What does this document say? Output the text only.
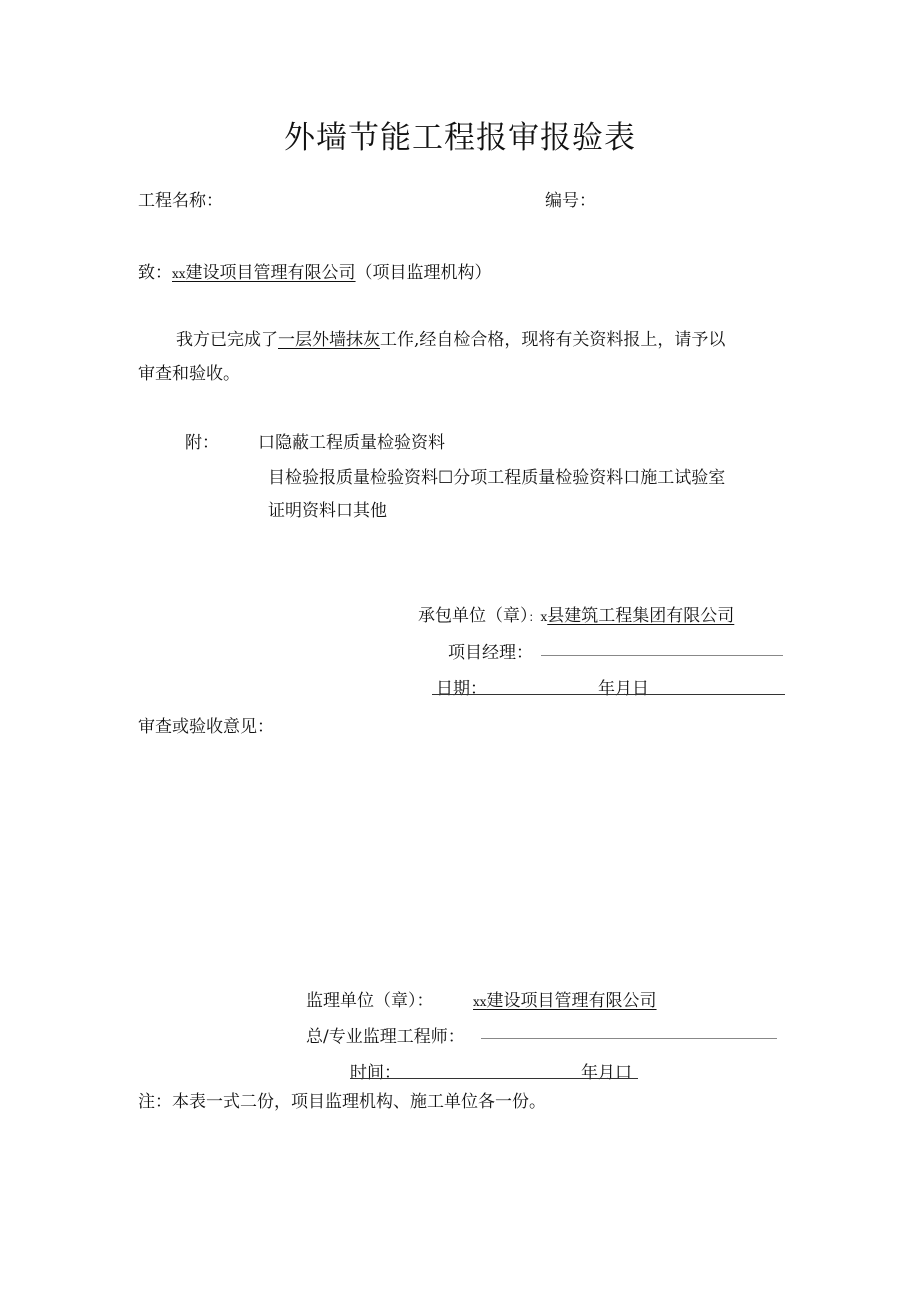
外墙节能工程报审报验表
工程名称：	编号：
致：xx建设项目管理有限公司（项目监理机构）
我方已完成了一层外墙抹灰工作,经自检合格，现将有关资料报上，请予以
审查和验收。
附： 口隐蔽工程质量检验资料
目检验报质量检验资料☐分项工程质量检验资料口施工试验室
证明资料口其他
承包单位（章）：x县建筑工程集团有限公司
项目经理：
日期：	年月日
审查或验收意见：
监理单位（章）：	xx建设项目管理有限公司
总/专业监理工程师：
时间：	年月口
注：本表一式二份，项目监理机构、施工单位各一份。
